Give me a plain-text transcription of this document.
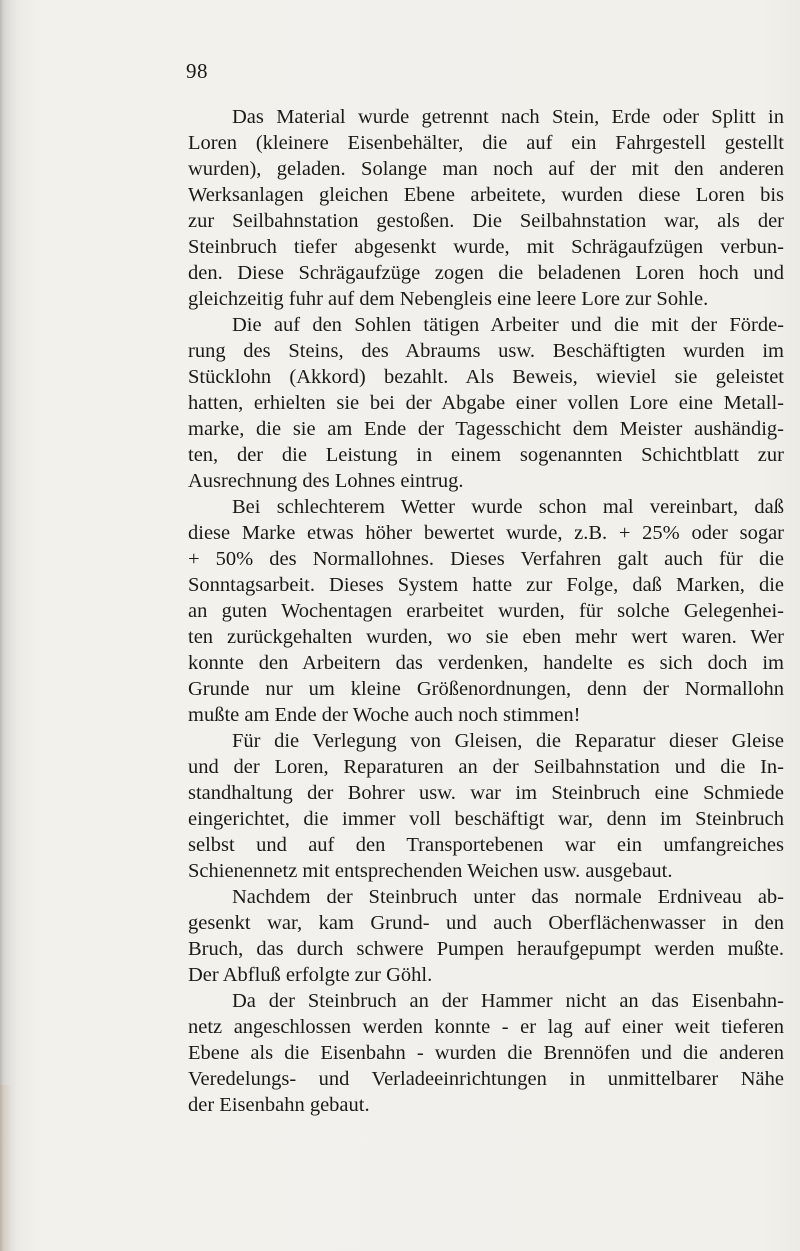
98
Das Material wurde getrennt nach Stein, Erde oder Splitt in
Loren (kleinere Eisenbehälter, die auf ein Fahrgestell gestellt
wurden), geladen. Solange man noch auf der mit den anderen
Werksanlagen gleichen Ebene arbeitete, wurden diese Loren bis
zur Seilbahnstation gestoßen. Die Seilbahnstation war, als der
Steinbruch tiefer abgesenkt wurde, mit Schrägaufzügen verbun-
den. Diese Schrägaufzüge zogen die beladenen Loren hoch und
gleichzeitig fuhr auf dem Nebengleis eine leere Lore zur Sohle.
Die auf den Sohlen tätigen Arbeiter und die mit der Förde-
rung des Steins, des Abraums usw. Beschäftigten wurden im
Stücklohn (Akkord) bezahlt. Als Beweis, wieviel sie geleistet
hatten, erhielten sie bei der Abgabe einer vollen Lore eine Metall-
marke, die sie am Ende der Tagesschicht dem Meister aushändig-
ten, der die Leistung in einem sogenannten Schichtblatt zur
Ausrechnung des Lohnes eintrug.
Bei schlechterem Wetter wurde schon mal vereinbart, daß
diese Marke etwas höher bewertet wurde, z.B. + 25% oder sogar
+ 50% des Normallohnes. Dieses Verfahren galt auch für die
Sonntagsarbeit. Dieses System hatte zur Folge, daß Marken, die
an guten Wochentagen erarbeitet wurden, für solche Gelegenhei-
ten zurückgehalten wurden, wo sie eben mehr wert waren. Wer
konnte den Arbeitern das verdenken, handelte es sich doch im
Grunde nur um kleine Größenordnungen, denn der Normallohn
mußte am Ende der Woche auch noch stimmen!
Für die Verlegung von Gleisen, die Reparatur dieser Gleise
und der Loren, Reparaturen an der Seilbahnstation und die In-
standhaltung der Bohrer usw. war im Steinbruch eine Schmiede
eingerichtet, die immer voll beschäftigt war, denn im Steinbruch
selbst und auf den Transportebenen war ein umfangreiches
Schienennetz mit entsprechenden Weichen usw. ausgebaut.
Nachdem der Steinbruch unter das normale Erdniveau ab-
gesenkt war, kam Grund- und auch Oberflächenwasser in den
Bruch, das durch schwere Pumpen heraufgepumpt werden mußte.
Der Abfluß erfolgte zur Göhl.
Da der Steinbruch an der Hammer nicht an das Eisenbahn-
netz angeschlossen werden konnte - er lag auf einer weit tieferen
Ebene als die Eisenbahn - wurden die Brennöfen und die anderen
Veredelungs- und Verladeeinrichtungen in unmittelbarer Nähe
der Eisenbahn gebaut.
